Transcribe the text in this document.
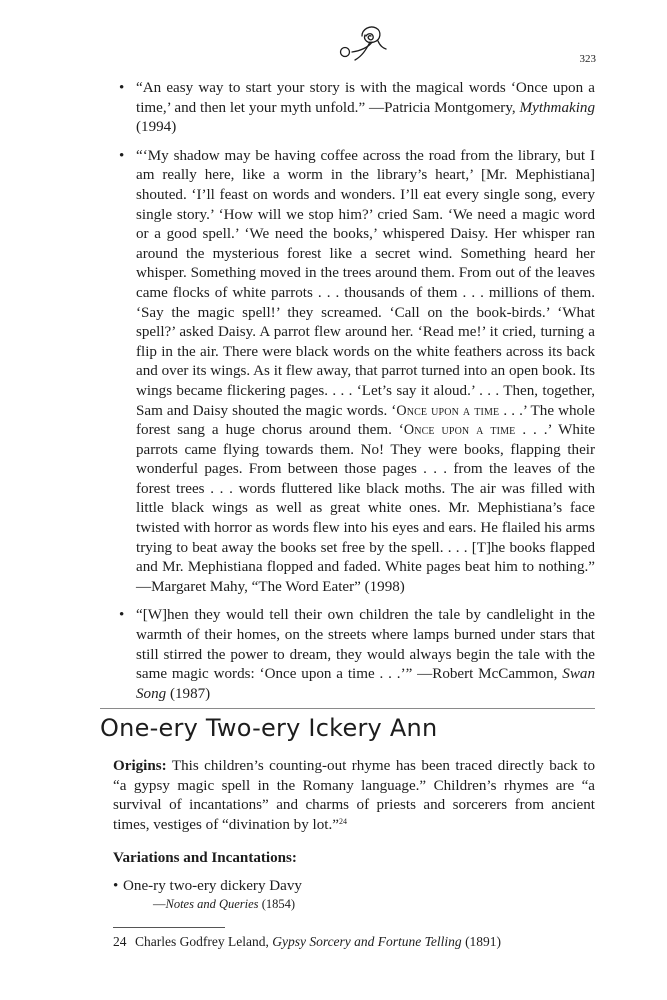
323

• “An easy way to start your story is with the magical words ‘Once upon a time,’ and then let your myth unfold.” —Patricia Montgomery, Mythmaking (1994)

• “‘My shadow may be having coffee across the road from the library, but I am really here, like a worm in the library’s heart,’ [Mr. Mephistiana] shouted. ‘I’ll feast on words and wonders. I’ll eat every single song, every single story.’ ‘How will we stop him?’ cried Sam. ‘We need a magic word or a good spell.’ ‘We need the books,’ whispered Daisy. Her whisper ran around the mysterious forest like a secret wind. Something heard her whisper. Something moved in the trees around them. From out of the leaves came flocks of white parrots . . . thousands of them . . . millions of them. ‘Say the magic spell!’ they screamed. ‘Call on the book-birds.’ ‘What spell?’ asked Daisy. A parrot flew around her. ‘Read me!’ it cried, turning a flip in the air. There were black words on the white feathers across its back and over its wings. As it flew away, that parrot turned into an open book. Its wings became flickering pages. . . . ‘Let’s say it aloud.’ . . . Then, together, Sam and Daisy shouted the magic words. ‘Once upon a time . . .’ The whole forest sang a huge chorus around them. ‘Once upon a time . . .’ White parrots came flying towards them. No! They were books, flapping their wonderful pages. From between those pages . . . from the leaves of the forest trees . . . words fluttered like black moths. The air was filled with little black wings as well as great white ones. Mr. Mephistiana’s face twisted with horror as words flew into his eyes and ears. He flailed his arms trying to beat away the books set free by the spell. . . . [T]he books flapped and Mr. Mephistiana flopped and faded. White pages beat him to nothing.” —Margaret Mahy, “The Word Eater” (1998)

• “[W]hen they would tell their own children the tale by candlelight in the warmth of their homes, on the streets where lamps burned under stars that still stirred the power to dream, they would always begin the tale with the same magic words: ‘Once upon a time . . .’” —Robert McCammon, Swan Song (1987)

One-ery Two-ery Ickery Ann

Origins: This children’s counting-out rhyme has been traced directly back to “a gypsy magic spell in the Romany language.” Children’s rhymes are “a survival of incantations” and charms of priests and sorcerers from ancient times, vestiges of “divination by lot.”$^{24}$

Variations and Incantations:

• One-ry two-ery dickery Davy

—Notes and Queries (1854)

24 Charles Godfrey Leland, Gypsy Sorcery and Fortune Telling (1891)
